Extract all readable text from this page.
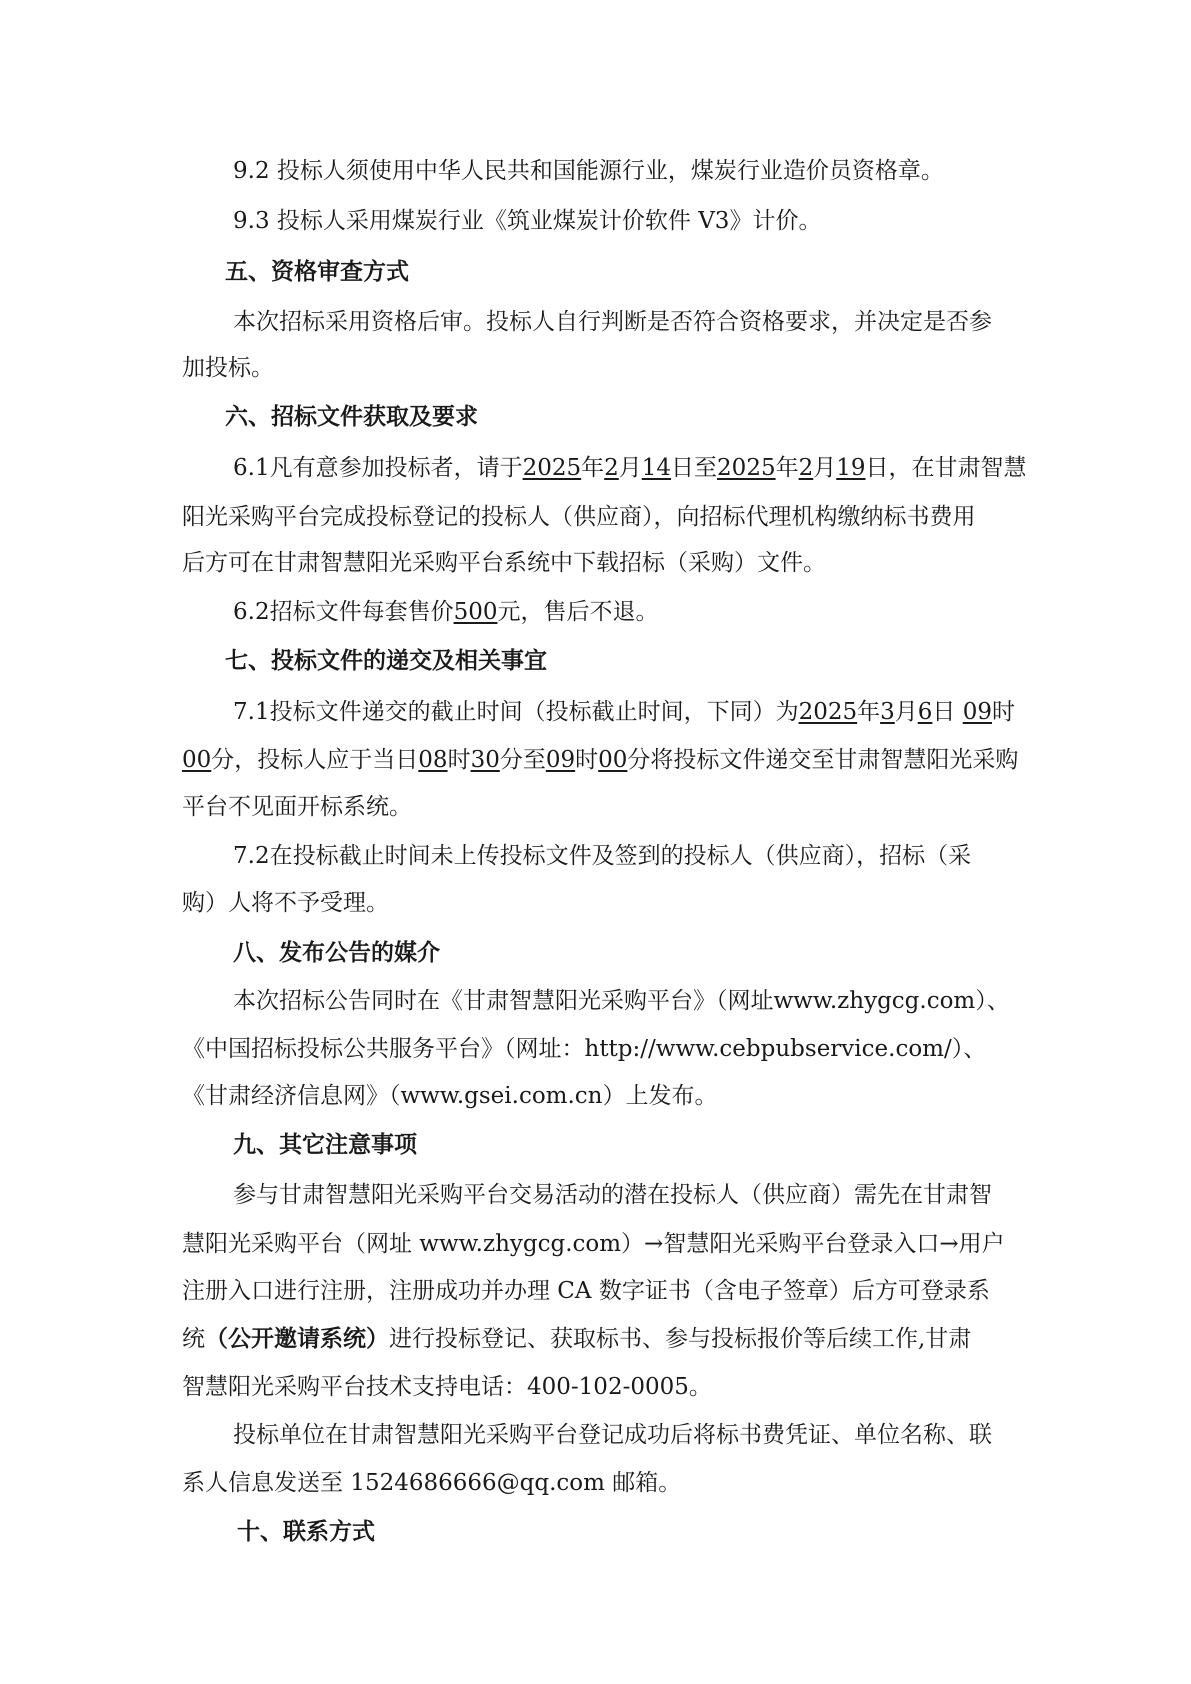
9.2 投标人须使用中华人民共和国能源行业，煤炭行业造价员资格章。
9.3 投标人采用煤炭行业《筑业煤炭计价软件 V3》计价。
五、资格审查方式
本次招标采用资格后审。投标人自行判断是否符合资格要求，并决定是否参
加投标。
六、招标文件获取及要求
6.1凡有意参加投标者，请于2025年2月14日至2025年2月19日，在甘肃智慧
阳光采购平台完成投标登记的投标人（供应商），向招标代理机构缴纳标书费用
后方可在甘肃智慧阳光采购平台系统中下载招标（采购）文件。
6.2招标文件每套售价500元，售后不退。
七、投标文件的递交及相关事宜
7.1投标文件递交的截止时间（投标截止时间，下同）为2025年3月6日 09时
00分，投标人应于当日08时30分至09时00分将投标文件递交至甘肃智慧阳光采购
平台不见面开标系统。
7.2在投标截止时间未上传投标文件及签到的投标人（供应商），招标（采
购）人将不予受理。
八、发布公告的媒介
本次招标公告同时在《甘肃智慧阳光采购平台》（网址www.zhygcg.com）、
《中国招标投标公共服务平台》（网址：http://www.cebpubservice.com/）、
《甘肃经济信息网》（www.gsei.com.cn）上发布。
九、其它注意事项
参与甘肃智慧阳光采购平台交易活动的潜在投标人（供应商）需先在甘肃智
慧阳光采购平台（网址 www.zhygcg.com）→智慧阳光采购平台登录入口→用户
注册入口进行注册，注册成功并办理 CA 数字证书（含电子签章）后方可登录系
统（公开邀请系统）进行投标登记、获取标书、参与投标报价等后续工作,甘肃
智慧阳光采购平台技术支持电话：400-102-0005。
投标单位在甘肃智慧阳光采购平台登记成功后将标书费凭证、单位名称、联
系人信息发送至 1524686666@qq.com 邮箱。
十、联系方式
